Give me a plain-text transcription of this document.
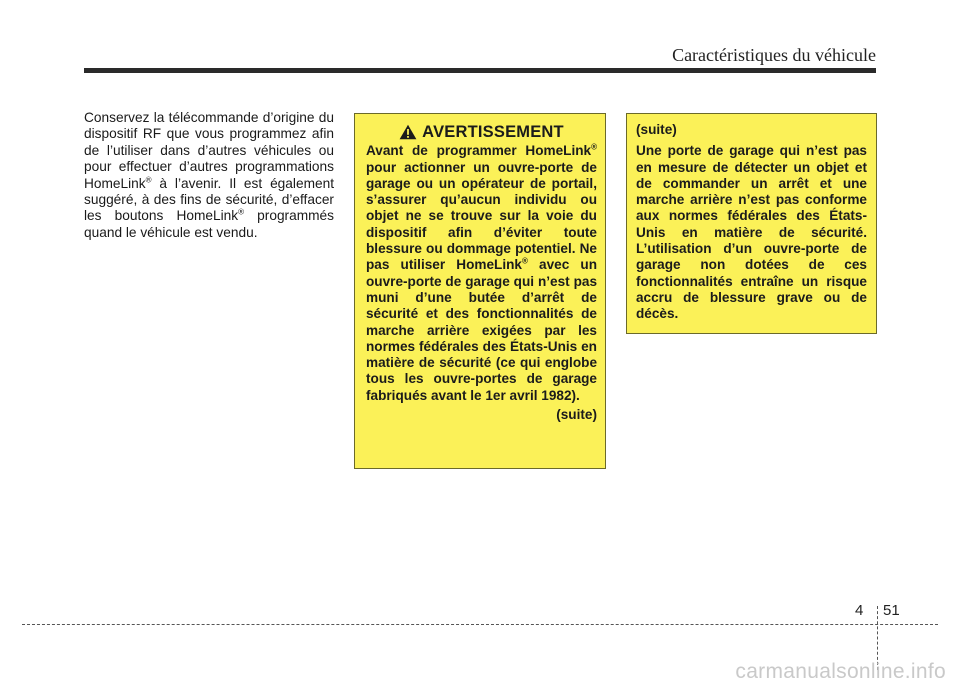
Caractéristiques du véhicule
Conservez la télécommande d’origine du dispositif RF que vous programmez afin de l’utiliser dans d’autres véhicules ou pour effectuer d’autres programmations HomeLink® à l’avenir. Il est également suggéré, à des fins de sécurité, d’effacer les boutons HomeLink® programmés quand le véhicule est vendu.
AVERTISSEMENT
Avant de programmer HomeLink® pour actionner un ouvre-porte de garage ou un opérateur de portail, s’assurer qu’aucun individu ou objet ne se trouve sur la voie du dispositif afin d’éviter toute blessure ou dommage potentiel. Ne pas utiliser HomeLink® avec un ouvre-porte de garage qui n’est pas muni d’une butée d’arrêt de sécurité et des fonctionnalités de marche arrière exigées par les normes fédérales des États-Unis en matière de sécurité (ce qui englobe tous les ouvre-portes de garage fabriqués avant le 1er avril 1982).
(suite)
(suite)
Une porte de garage qui n’est pas en mesure de détecter un objet et de commander un arrêt et une marche arrière n’est pas conforme aux normes fédérales des États-Unis en matière de sécurité. L’utilisation d’un ouvre-porte de garage non dotées de ces fonctionnalités entraîne un risque accru de blessure grave ou de décès.
4 51
carmanualsonline.info
